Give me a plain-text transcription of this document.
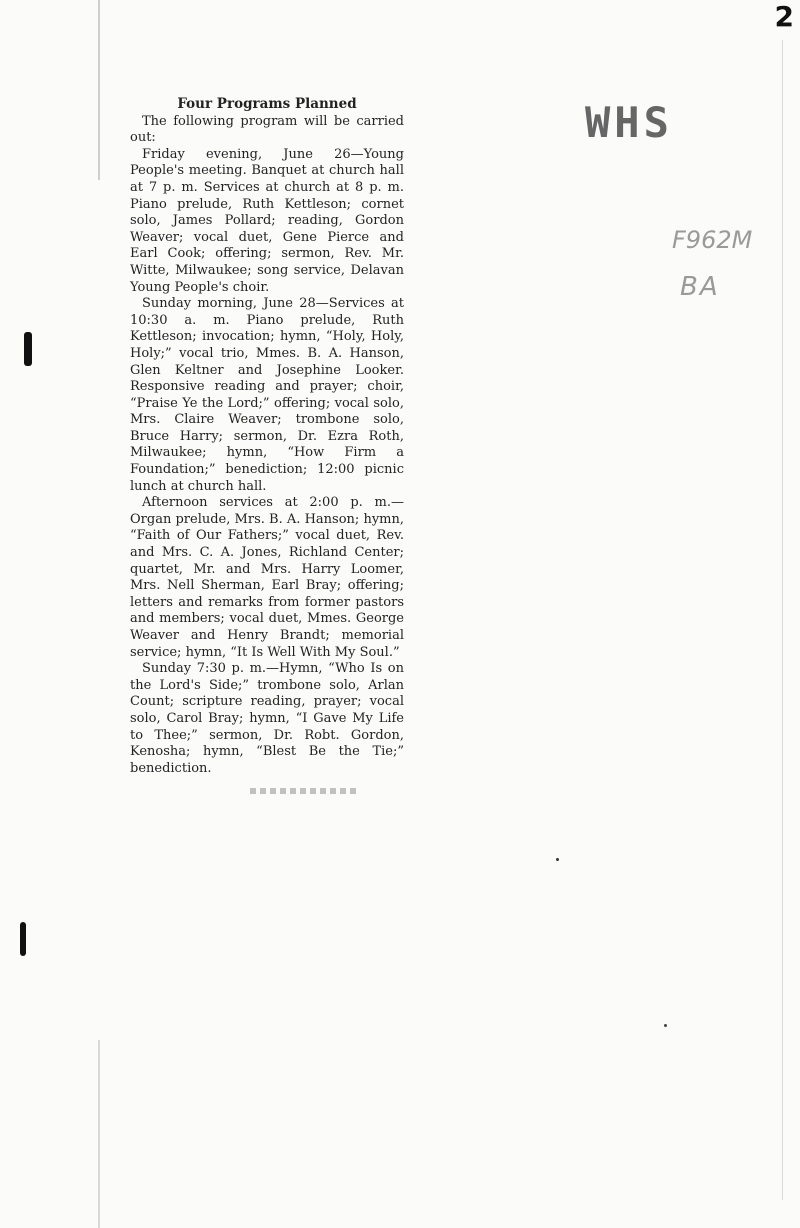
2
WHS
F962M
BA
Four Programs Planned

The following program will be carried out:

Friday evening, June 26—Young People's meeting. Banquet at church hall at 7 p. m. Services at church at 8 p. m. Piano prelude, Ruth Kettleson; cornet solo, James Pollard; reading, Gordon Weaver; vocal duet, Gene Pierce and Earl Cook; offering; sermon, Rev. Mr. Witte, Milwaukee; song service, Delavan Young People's choir.

Sunday morning, June 28—Services at 10:30 a. m. Piano prelude, Ruth Kettleson; invocation; hymn, “Holy, Holy, Holy;” vocal trio, Mmes. B. A. Hanson, Glen Keltner and Josephine Looker. Responsive reading and prayer; choir, “Praise Ye the Lord;” offering; vocal solo, Mrs. Claire Weaver; trombone solo, Bruce Harry; sermon, Dr. Ezra Roth, Milwaukee; hymn, “How Firm a Foundation;” benediction; 12:00 picnic lunch at church hall.

Afternoon services at 2:00 p. m.—Organ prelude, Mrs. B. A. Hanson; hymn, “Faith of Our Fathers;” vocal duet, Rev. and Mrs. C. A. Jones, Richland Center; quartet, Mr. and Mrs. Harry Loomer, Mrs. Nell Sherman, Earl Bray; offering; letters and remarks from former pastors and members; vocal duet, Mmes. George Weaver and Henry Brandt; memorial service; hymn, “It Is Well With My Soul.”

Sunday 7:30 p. m.—Hymn, “Who Is on the Lord's Side;” trombone solo, Arlan Count; scripture reading, prayer; vocal solo, Carol Bray; hymn, “I Gave My Life to Thee;” sermon, Dr. Robt. Gordon, Kenosha; hymn, “Blest Be the Tie;” benediction.
